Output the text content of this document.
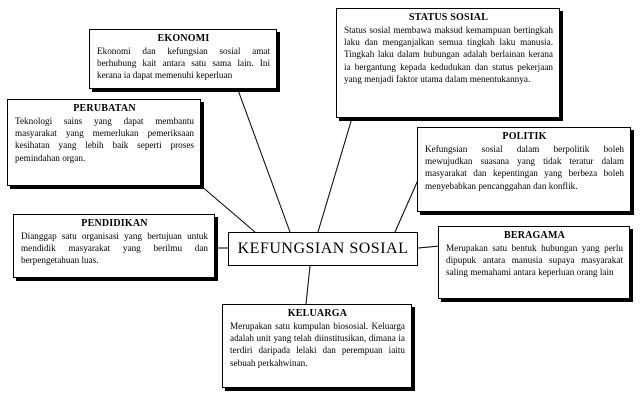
EKONOMI

Ekonomi dan kefungsian sosial amat berhubung kait antara satu sama lain. Ini kerana ia dapat memenuhi keperluan

STATUS SOSIAL

Status sosial membawa maksud kemampuan bertingkah laku dan menganjalkan semua tingkah laku manusia. Tingkah laku dalam hubungan adalah berlainan kerana ia bergantung kepada kedudukan dan status pekerjaan yang menjadi faktor utama dalam menentukannya.

PERUBATAN

Teknologi sains yang dapat membantu masyarakat yang memerlukan pemeriksaan kesihatan yang lebih baik seperti proses pemindahan organ.

POLITIK

Kefungsian sosial dalam berpolitik boleh mewujudkan suasana yang tidak teratur dalam masyarakat dan kepentingan yang berbeza boleh menyebabkan pencanggahan dan konflik.

PENDIDIKAN

Dianggap satu organisasi yang bertujuan untuk mendidik masyarakat yang berilmu dan berpengetahuan luas.

KEFUNGSIAN SOSIAL
BERAGAMA

Merupakan satu bentuk hubungan yang perlu dipupuk antara manusia supaya masyarakat saling memahami antara keperluan orang lain

KELUARGA

Merupakan satu kumpulan biososial. Keluarga adalah unit yang telah diinstitusikan, dimana ia terdiri daripada lelaki dan perempuan iaitu sebuah perkahwinan.
